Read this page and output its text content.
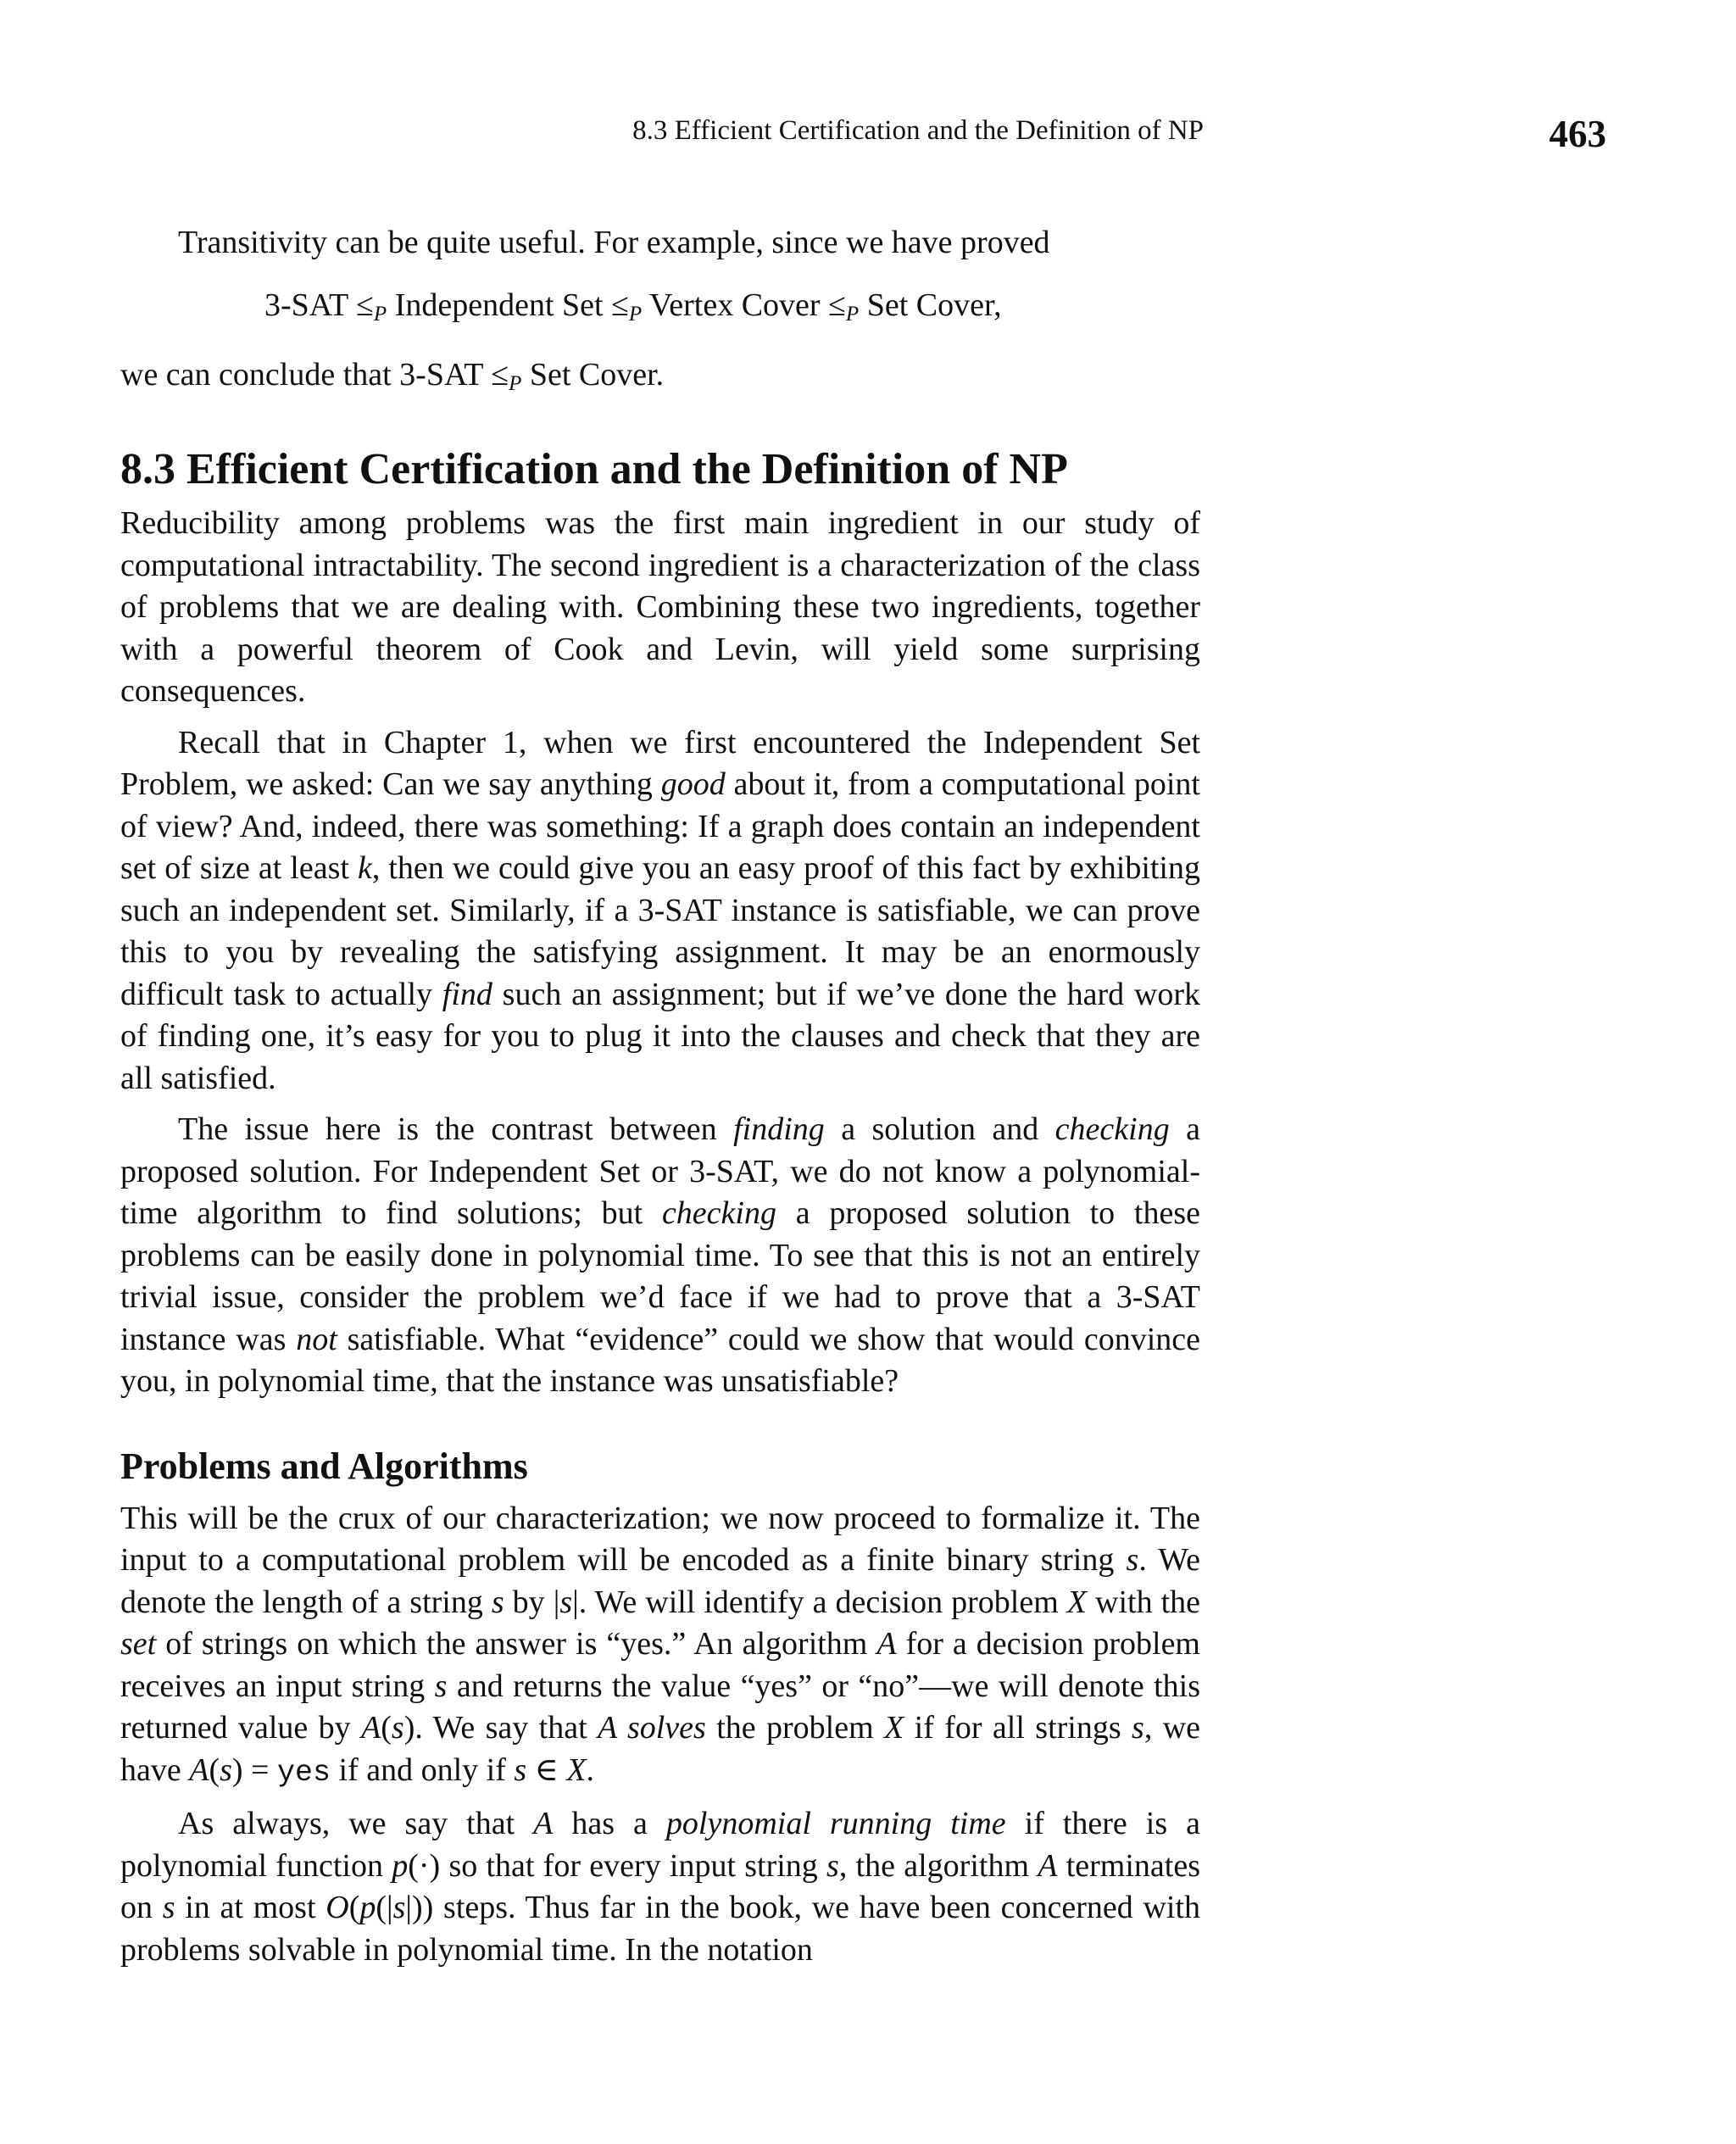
8.3 Efficient Certification and the Definition of NP	463

Transitivity can be quite useful. For example, since we have proved

$3-SAT \le_P$ Independent Set $\le_P$ Vertex Cover $\le_P$ Set Cover,

we can conclude that $3-SAT \le_P$ Set Cover.

8.3 Efficient Certification and the Definition of NP

Reducibility among problems was the first main ingredient in our study of computational intractability. The second ingredient is a characterization of the class of problems that we are dealing with. Combining these two ingredients, together with a powerful theorem of Cook and Levin, will yield some surprising consequences.

Recall that in Chapter 1, when we first encountered the Independent Set Problem, we asked: Can we say anything good about it, from a computational point of view? And, indeed, there was something: If a graph does contain an independent set of size at least k, then we could give you an easy proof of this fact by exhibiting such an independent set. Similarly, if a 3-SAT instance is satisfiable, we can prove this to you by revealing the satisfying assignment. It may be an enormously difficult task to actually find such an assignment; but if we’ve done the hard work of finding one, it’s easy for you to plug it into the clauses and check that they are all satisfied.

The issue here is the contrast between finding a solution and checking a proposed solution. For Independent Set or 3-SAT, we do not know a polynomial-time algorithm to find solutions; but checking a proposed solution to these problems can be easily done in polynomial time. To see that this is not an entirely trivial issue, consider the problem we’d face if we had to prove that a 3-SAT instance was not satisfiable. What “evidence” could we show that would convince you, in polynomial time, that the instance was unsatisfiable?

Problems and Algorithms

This will be the crux of our characterization; we now proceed to formalize it. The input to a computational problem will be encoded as a finite binary string s. We denote the length of a string s by |s|. We will identify a decision problem X with the set of strings on which the answer is “yes.” An algorithm A for a decision problem receives an input string s and returns the value “yes” or “no”—we will denote this returned value by A(s). We say that A solves the problem X if for all strings s, we have A(s) = yes if and only if s ∈ X.

As always, we say that A has a polynomial running time if there is a polynomial function p(·) so that for every input string s, the algorithm A terminates on s in at most O(p(|s|)) steps. Thus far in the book, we have been concerned with problems solvable in polynomial time. In the notation
